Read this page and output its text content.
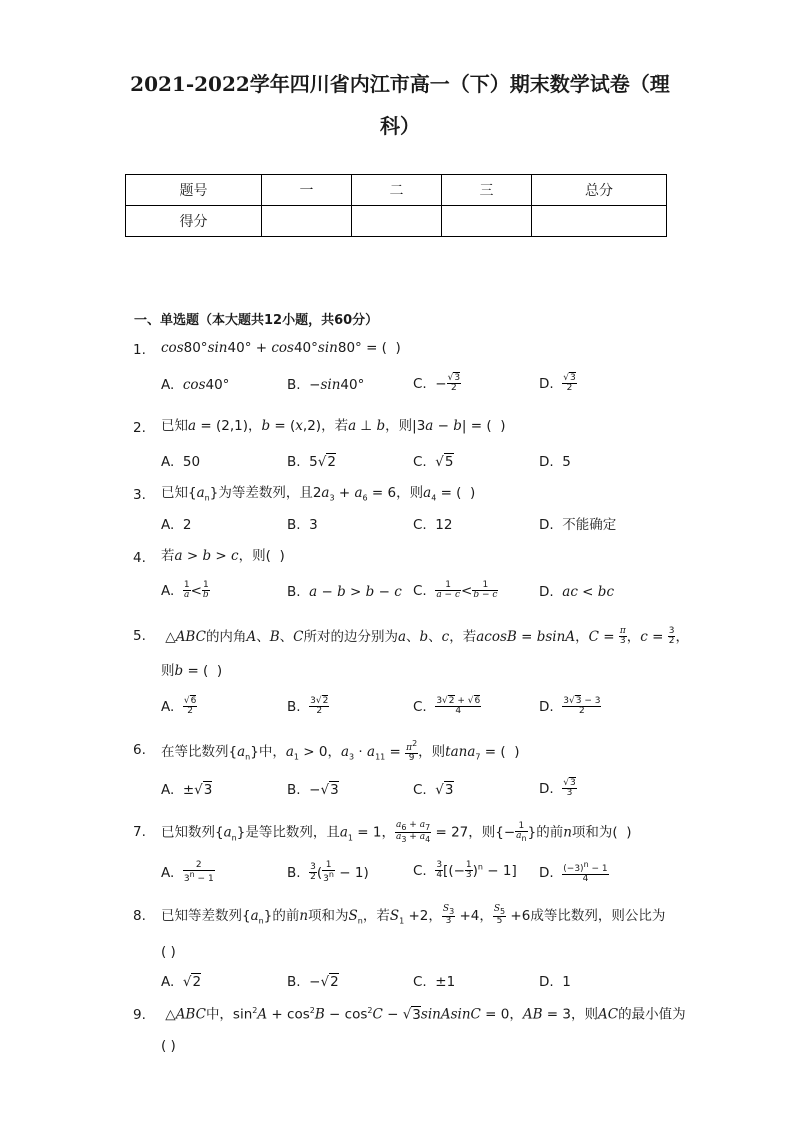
2021-2022学年四川省内江市高一（下）期末数学试卷（理
科）
题号	一	二	三	总分
得分				
一、单选题（本大题共12小题，共60分）
1. cos80°sin40° + cos40°sin80° = (  )
A.  cos40°	B.  −sin40°	C.  − $\frac{√3}{2}$	D. $\frac{√3}{2}$
2. 已知a = (2,1)，b = (x,2)，若a ⊥ b，则|3a − b| = (  )
A.  50	B.  5√2	C.  √5	D.  5
3. 已知$\{a_n\}$为等差数列，且$2a_3 + a_6 = 6$，则$a_4$ = (  )
A.  2	B.  3	C.  12	D.  不能确定
4. 若a > b > c，则(  )
A. $\frac{1}{a} < \frac{1}{b}$	B.  a − b > b − c C. $\frac{1}{a - c} < \frac{1}{b - c}$	D.  ac < bc
5. △ABC的内角A、B、C所对的边分别为a、b、c，若acosB = bsinA，$C = \frac{\pi}{3}$ ，$c = \frac{3}{2}$ ，
则b = (  )
A. $\frac{√6}{2}$	B. $\frac{3√2}{2}$	C. $\frac{3√2 + √6}{4}$	D. $\frac{3√3 - 3}{2}$
6. 在等比数列$\{a_n\}$中，$a_1 > 0$，$a_3 \cdot a_{11} = \frac{\pi^2}{9}$ ，则tana$_7$ = (  )
A.  ±√3	B.  −√3	C.  √3	D. $\frac{√3}{3}$
7. 已知数列$\{a_n\}$是等比数列，且$a_1 = 1$， $\frac{a_6 + a_7}{a_3 + a_4} = 27$，则{− $\frac{1}{a_n}$ }的前n项和为(  )
A. $\frac{2}{3^n - 1}$	B. $\frac{3}{2}$ ( $\frac{1}{3^n} - 1$)	C. $\frac{3}{4}$ [(− $\frac{1}{3} )^n - 1$] D. $\frac{(-3)^n - 1}{4}$
8. 已知等差数列$\{a_n\}$的前n项和为$S_n$，若$S_1 +2$， $\frac{S_3}{3} +4$， $\frac{S_5}{5} +6$成等比数列，则公比为
( )
A.  √2	B.  −√2	C.  ±1	D.  1
9. △ABC中，$\sin^2A + \cos^2B - \cos^2C$ − √3sinAsinC = 0，AB = 3，则AC的最小值为
( )
